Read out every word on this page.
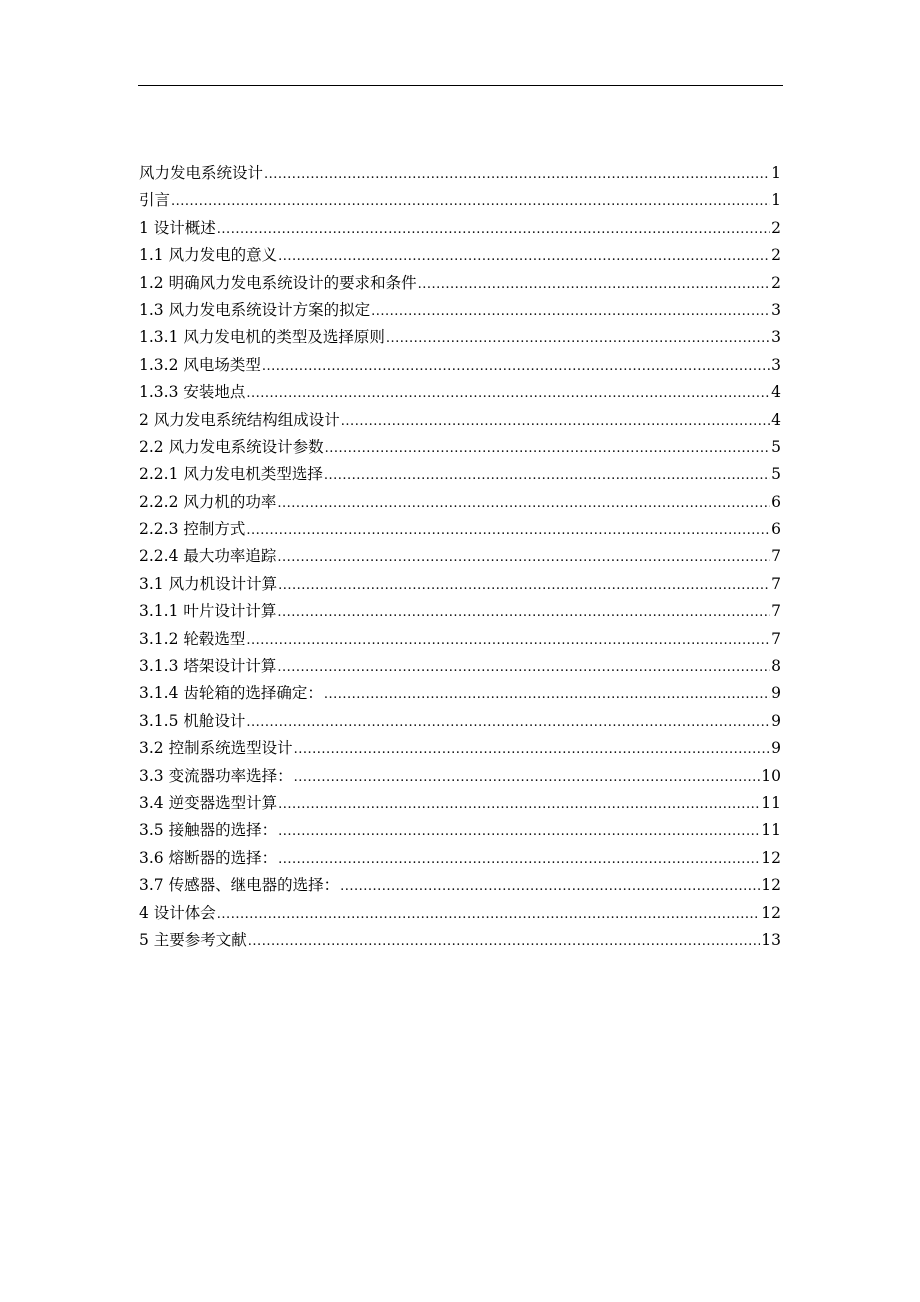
风力发电系统设计 .....	1
引言 .....	1
1 设计概述 .....	2
1.1 风力发电的意义 .....	2
1.2 明确风力发电系统设计的要求和条件 .....	2
1.3 风力发电系统设计方案的拟定 .....	3
1.3.1 风力发电机的类型及选择原则 .....	3
1.3.2 风电场类型 .....	3
1.3.3 安装地点 .....	4
2 风力发电系统结构组成设计 .....	4
2.2 风力发电系统设计参数 .....	5
2.2.1 风力发电机类型选择 .....	5
2.2.2 风力机的功率 .....	6
2.2.3 控制方式 .....	6
2.2.4 最大功率追踪 .....	7
3.1 风力机设计计算 .....	7
3.1.1 叶片设计计算 .....	7
3.1.2 轮毂选型 .....	7
3.1.3 塔架设计计算 .....	8
3.1.4 齿轮箱的选择确定： .....	9
3.1.5 机舱设计 .....	9
3.2 控制系统选型设计 .....	9
3.3 变流器功率选择： .....	10
3.4 逆变器选型计算 .....	11
3.5 接触器的选择： .....	11
3.6 熔断器的选择： .....	12
3.7 传感器、继电器的选择： .....	12
4 设计体会 .....	12
5 主要参考文献 .....	13
